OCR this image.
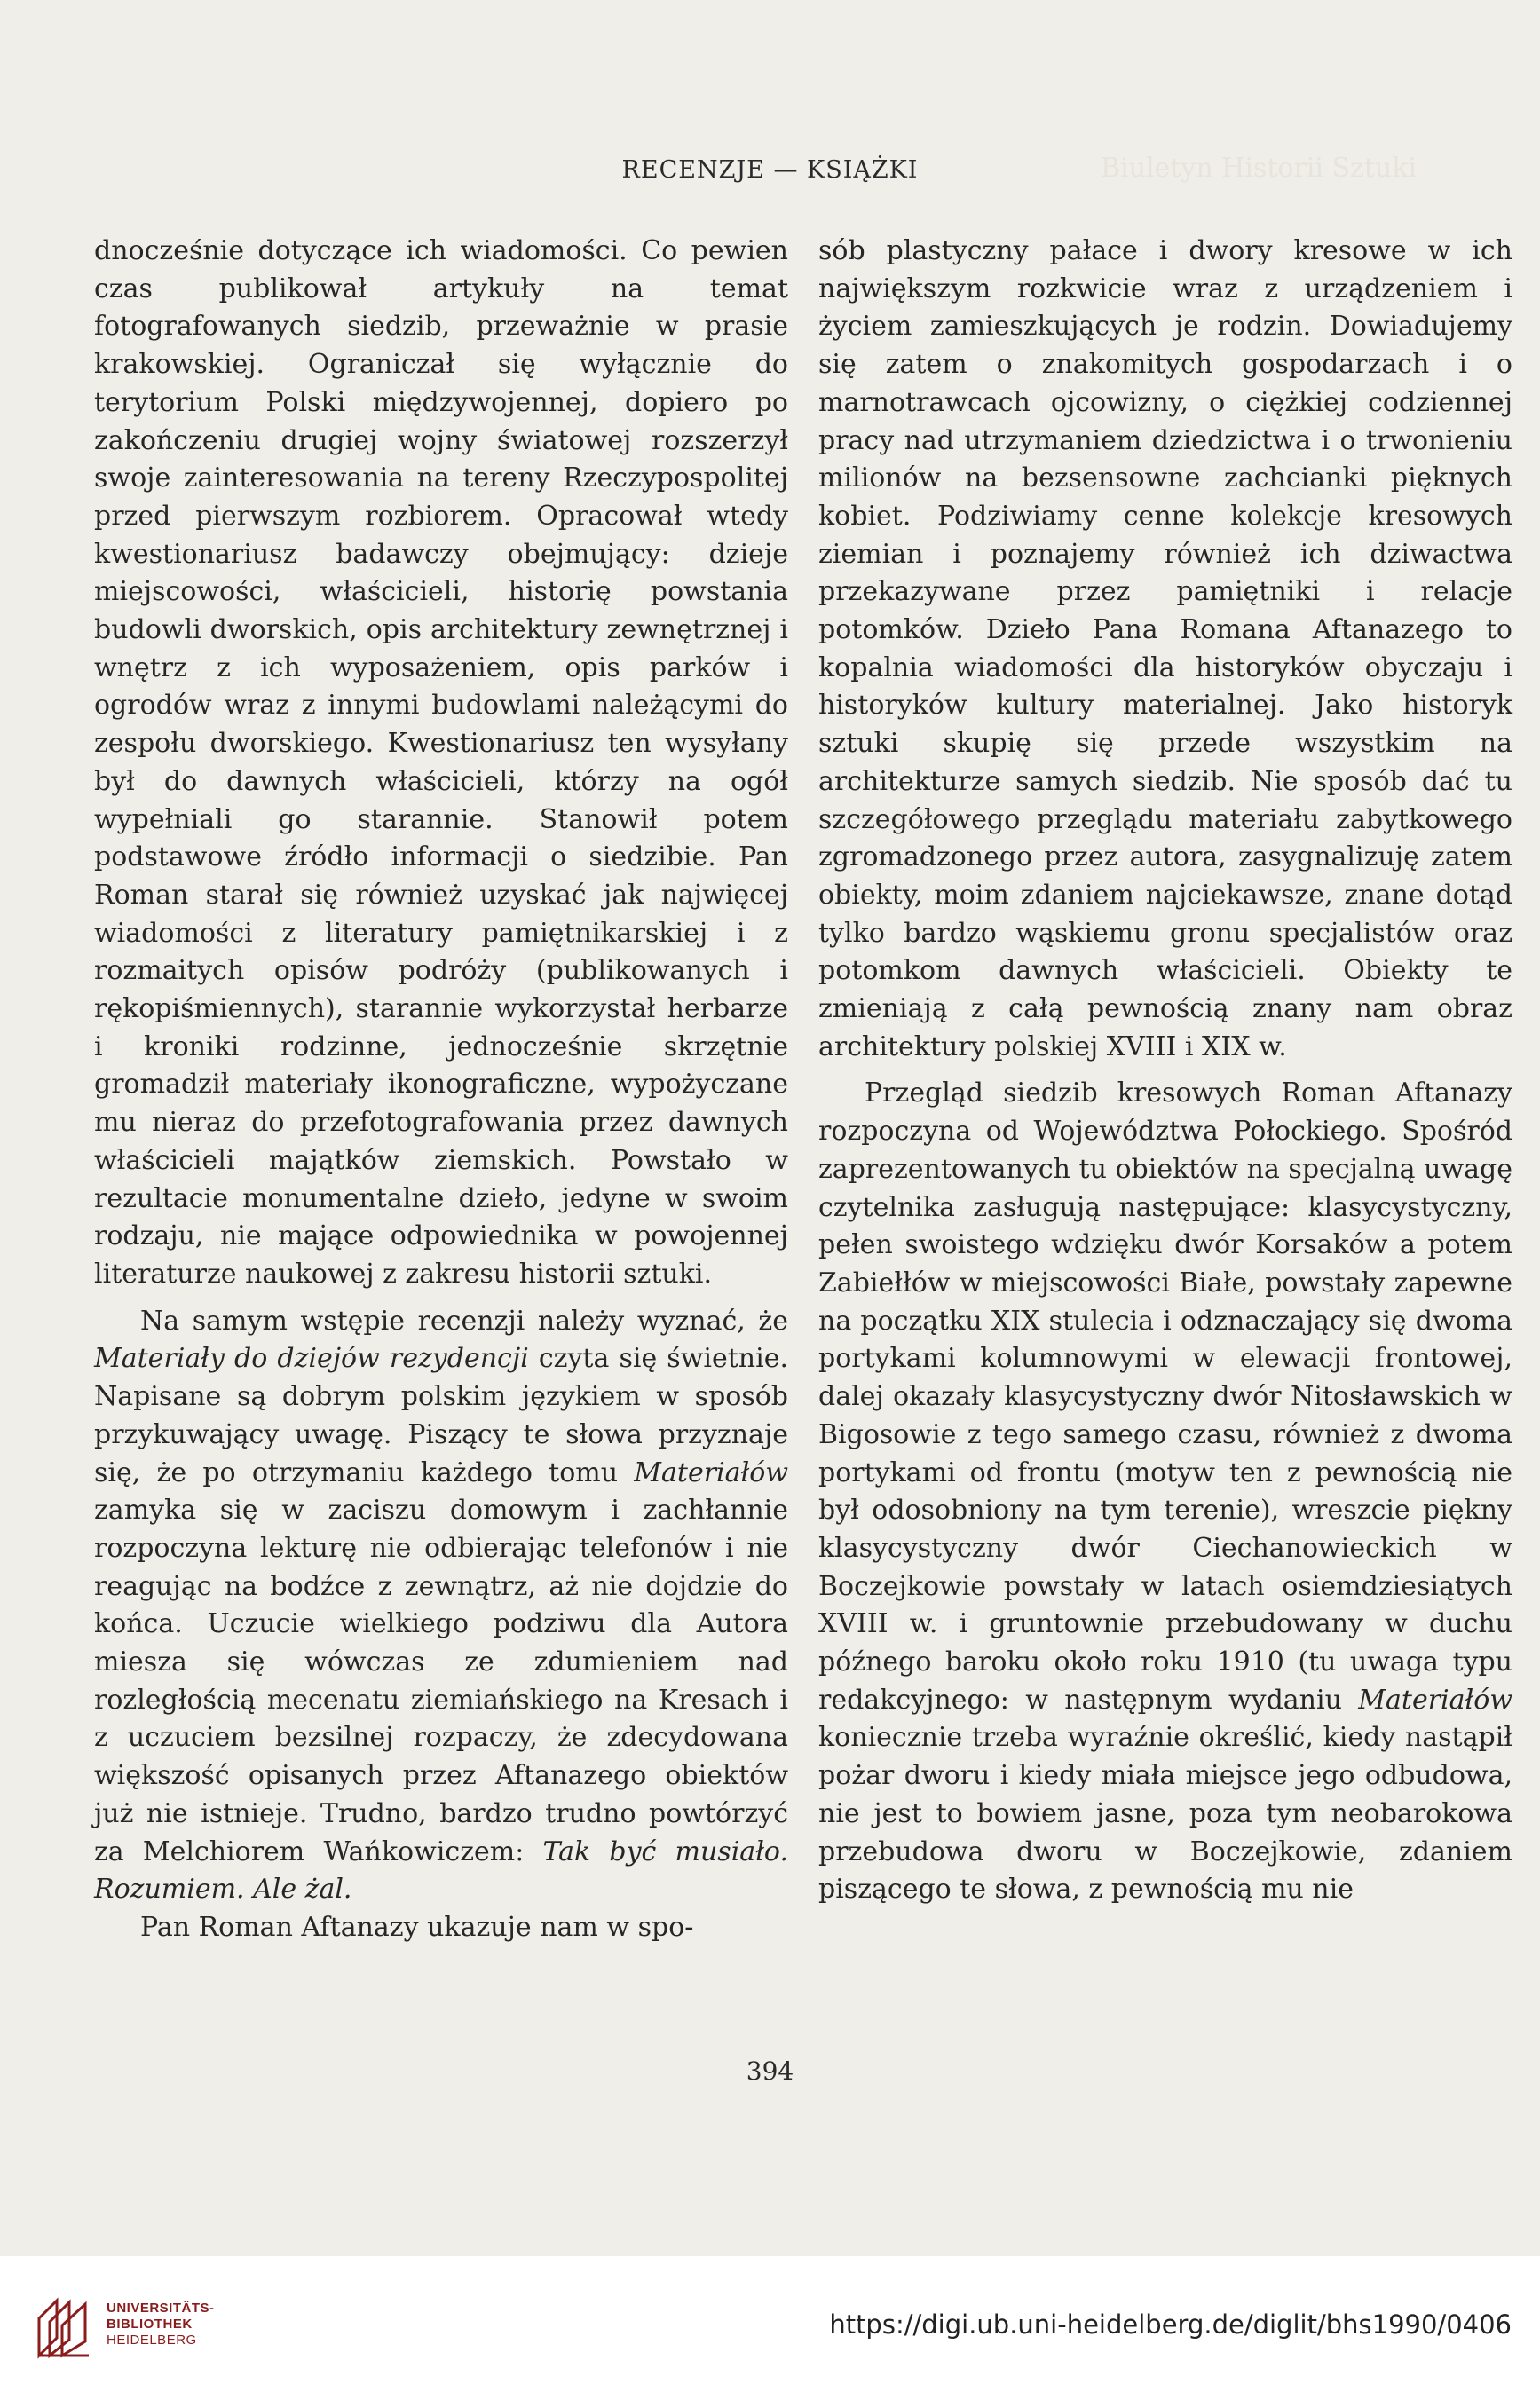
Biuletyn Historii Sztuki
RECENZJE — KSIĄŻKI

dnocześnie dotyczące ich wiadomości. Co pewien czas publikował artykuły na temat fotografowanych siedzib, przeważnie w prasie krakowskiej. Ograniczał się wyłącznie do terytorium Polski międzywojennej, dopiero po zakończeniu drugiej wojny światowej rozszerzył swoje zainteresowania na tereny Rzeczypospolitej przed pierwszym rozbiorem. Opracował wtedy kwestionariusz badawczy obejmujący: dzieje miejscowości, właścicieli, historię powstania budowli dworskich, opis architektury zewnętrznej i wnętrz z ich wyposażeniem, opis parków i ogrodów wraz z innymi budowlami należącymi do zespołu dworskiego. Kwestionariusz ten wysyłany był do dawnych właścicieli, którzy na ogół wypełniali go starannie. Stanowił potem podstawowe źródło informacji o siedzibie. Pan Roman starał się również uzyskać jak najwięcej wiadomości z literatury pamiętnikarskiej i z rozmaitych opisów podróży (publikowanych i rękopiśmiennych), starannie wykorzystał herbarze i kroniki rodzinne, jednocześnie skrzętnie gromadził materiały ikonograficzne, wypożyczane mu nieraz do przefotografowania przez dawnych właścicieli majątków ziemskich. Powstało w rezultacie monumentalne dzieło, jedyne w swoim rodzaju, nie mające odpowiednika w powojennej literaturze naukowej z zakresu historii sztuki.

Na samym wstępie recenzji należy wyznać, że Materiały do dziejów rezydencji czyta się świetnie. Napisane są dobrym polskim językiem w sposób przykuwający uwagę. Piszący te słowa przyznaje się, że po otrzymaniu każdego tomu Materiałów zamyka się w zaciszu domowym i zachłannie rozpoczyna lekturę nie odbierając telefonów i nie reagując na bodźce z zewnątrz, aż nie dojdzie do końca. Uczucie wielkiego podziwu dla Autora miesza się wówczas ze zdumieniem nad rozległością mecenatu ziemiańskiego na Kresach i z uczuciem bezsilnej rozpaczy, że zdecydowana większość opisanych przez Aftanazego obiektów już nie istnieje. Trudno, bardzo trudno powtórzyć za Melchiorem Wańkowiczem: Tak być musiało. Rozumiem. Ale żal.

Pan Roman Aftanazy ukazuje nam w spo-

sób plastyczny pałace i dwory kresowe w ich największym rozkwicie wraz z urządzeniem i życiem zamieszkujących je rodzin. Dowiadujemy się zatem o znakomitych gospodarzach i o marnotrawcach ojcowizny, o ciężkiej codziennej pracy nad utrzymaniem dziedzictwa i o trwonieniu milionów na bezsensowne zachcianki pięknych kobiet. Podziwiamy cenne kolekcje kresowych ziemian i poznajemy również ich dziwactwa przekazywane przez pamiętniki i relacje potomków. Dzieło Pana Romana Aftanazego to kopalnia wiadomości dla historyków obyczaju i historyków kultury materialnej. Jako historyk sztuki skupię się przede wszystkim na architekturze samych siedzib. Nie sposób dać tu szczegółowego przeglądu materiału zabytkowego zgromadzonego przez autora, zasygnalizuję zatem obiekty, moim zdaniem najciekawsze, znane dotąd tylko bardzo wąskiemu gronu specjalistów oraz potomkom dawnych właścicieli. Obiekty te zmieniają z całą pewnością znany nam obraz architektury polskiej XVIII i XIX w.

Przegląd siedzib kresowych Roman Aftanazy rozpoczyna od Województwa Połockiego. Spośród zaprezentowanych tu obiektów na specjalną uwagę czytelnika zasługują następujące: klasycystyczny, pełen swoistego wdzięku dwór Korsaków a potem Zabiełłów w miejscowości Białe, powstały zapewne na początku XIX stulecia i odznaczający się dwoma portykami kolumnowymi w elewacji frontowej, dalej okazały klasycystyczny dwór Nitosławskich w Bigosowie z tego samego czasu, również z dwoma portykami od frontu (motyw ten z pewnością nie był odosobniony na tym terenie), wreszcie piękny klasycystyczny dwór Ciechanowieckich w Boczejkowie powstały w latach osiemdziesiątych XVIII w. i gruntownie przebudowany w duchu późnego baroku około roku 1910 (tu uwaga typu redakcyjnego: w następnym wydaniu Materiałów koniecznie trzeba wyraźnie określić, kiedy nastąpił pożar dworu i kiedy miała miejsce jego odbudowa, nie jest to bowiem jasne, poza tym neobarokowa przebudowa dworu w Boczejkowie, zdaniem piszącego te słowa, z pewnością mu nie

394
UNIVERSITÄTS-
BIBLIOTHEK
HEIDELBERG
https://digi.ub.uni-heidelberg.de/diglit/bhs1990/0406
